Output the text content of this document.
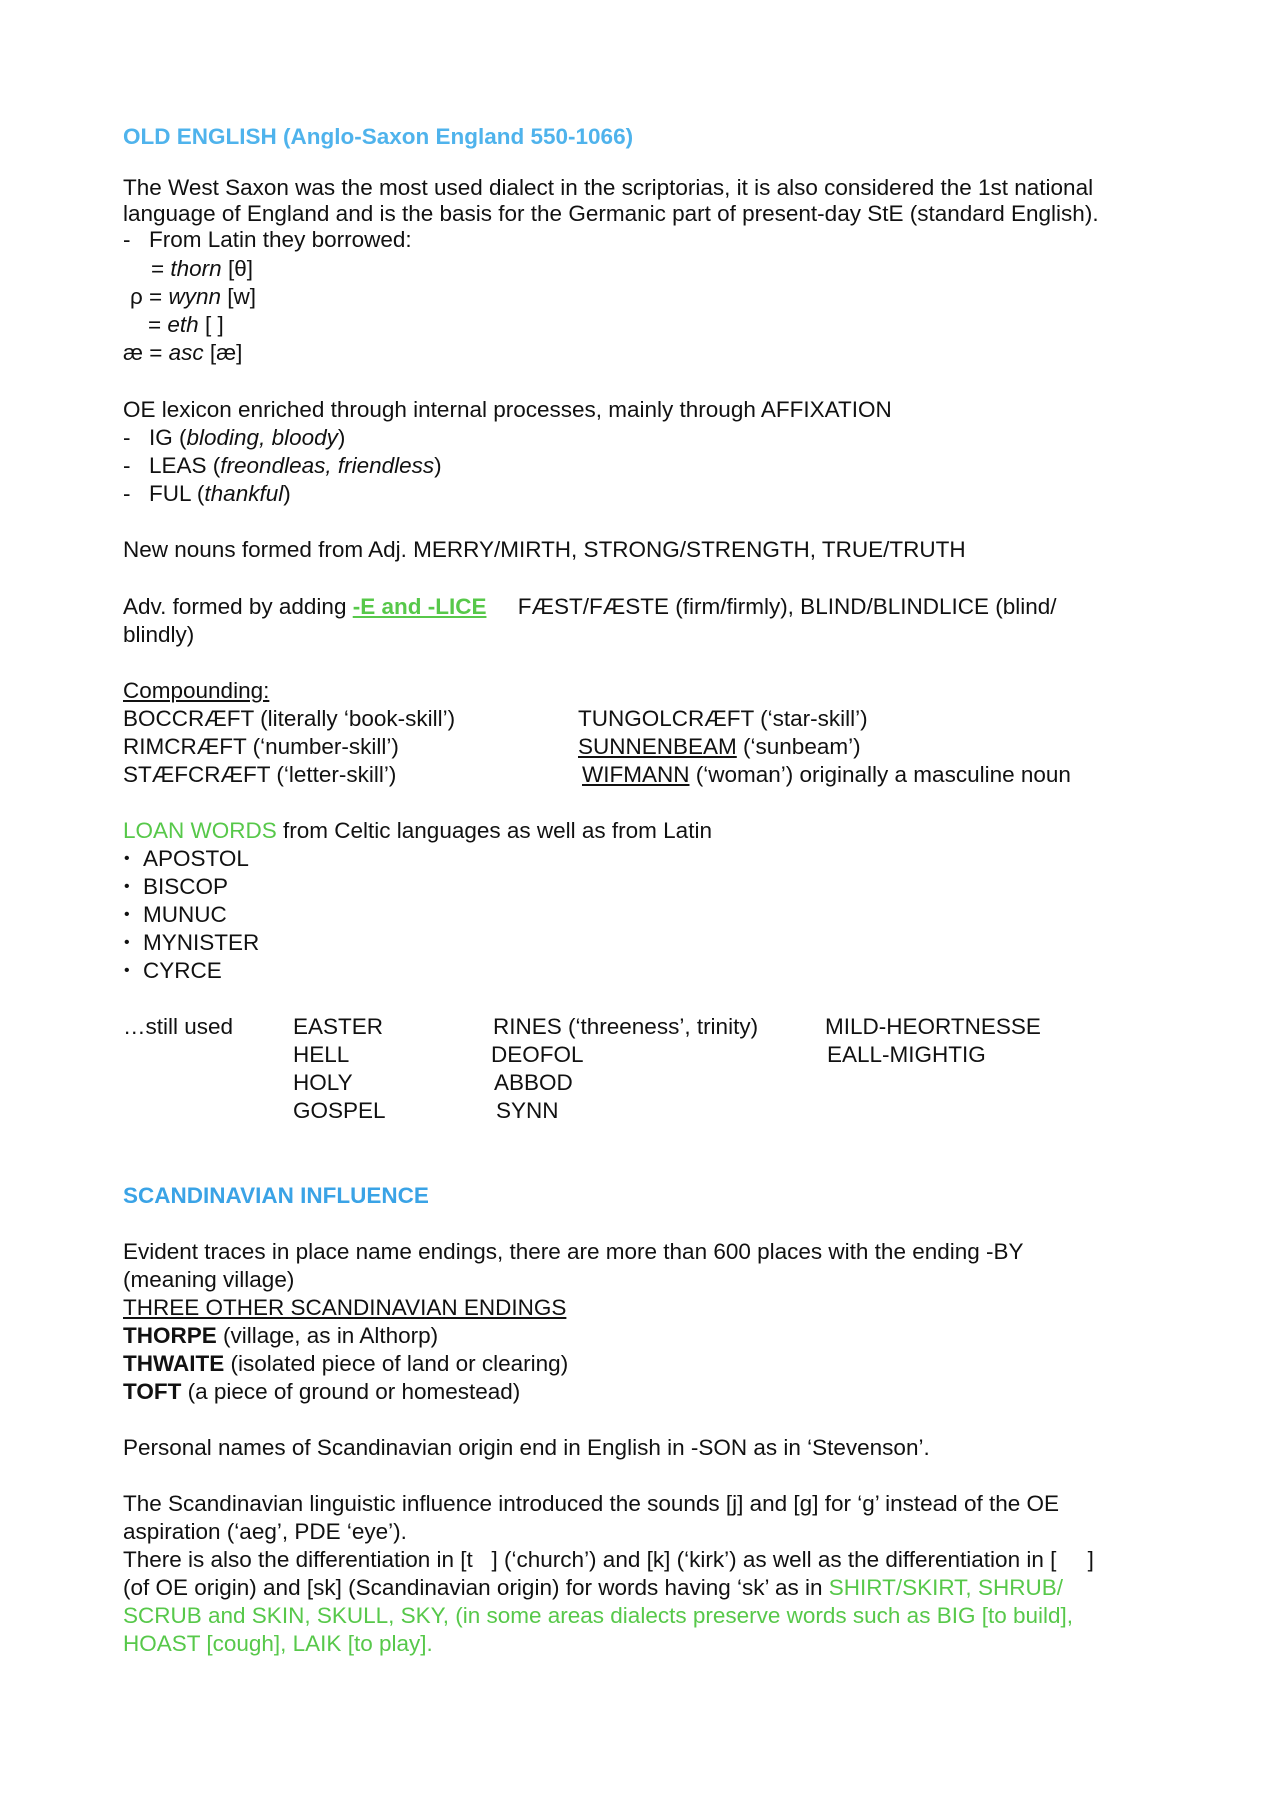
OLD ENGLISH (Anglo-Saxon England 550-1066)
The West Saxon was the most used dialect in the scriptorias, it is also considered the 1st national
language of England and is the basis for the Germanic part of present-day StE (standard English).
- From Latin they borrowed:
= thorn [θ]
ρ = wynn [w]
= eth [ ]
æ = asc [æ]
OE lexicon enriched through internal processes, mainly through AFFIXATION
- IG (bloding, bloody)
- LEAS (freondleas, friendless)
- FUL (thankful)
New nouns formed from Adj. MERRY/MIRTH, STRONG/STRENGTH, TRUE/TRUTH
Adv. formed by adding -E and -LICE     FÆST/FÆSTE (firm/firmly), BLIND/BLINDLICE (blind/
blindly)
Compounding:
BOCCRÆFT (literally ‘book-skill’)
RIMCRÆFT (‘number-skill’)
STÆFCRÆFT (‘letter-skill’)
TUNGOLCRÆFT (‘star-skill’)
SUNNENBEAM (‘sunbeam’)
WIFMANN (‘woman’) originally a masculine noun
LOAN WORDS from Celtic languages as well as from Latin
• APOSTOL
• BISCOP
• MUNUC
• MYNISTER
• CYRCE
…still used	EASTER
HELL
HOLY
GOSPEL
RINES (‘threeness’, trinity)
DEOFOL
ABBOD
SYNN
MILD-HEORTNESSE
EALL-MIGHTIG
SCANDINAVIAN INFLUENCE
Evident traces in place name endings, there are more than 600 places with the ending -BY
(meaning village)
THREE OTHER SCANDINAVIAN ENDINGS
THORPE (village, as in Althorp)
THWAITE (isolated piece of land or clearing)
TOFT (a piece of ground or homestead)
Personal names of Scandinavian origin end in English in -SON as in ‘Stevenson’.
The Scandinavian linguistic influence introduced the sounds [j] and [g] for ‘g’ instead of the OE
aspiration (‘aeg’, PDE ‘eye’).
There is also the differentiation in [t   ] (‘church’) and [k] (‘kirk’) as well as the differentiation in [     ]
(of OE origin) and [sk] (Scandinavian origin) for words having ‘sk’ as in SHIRT/SKIRT, SHRUB/
SCRUB and SKIN, SKULL, SKY, (in some areas dialects preserve words such as BIG [to build],
HOAST [cough], LAIK [to play].
